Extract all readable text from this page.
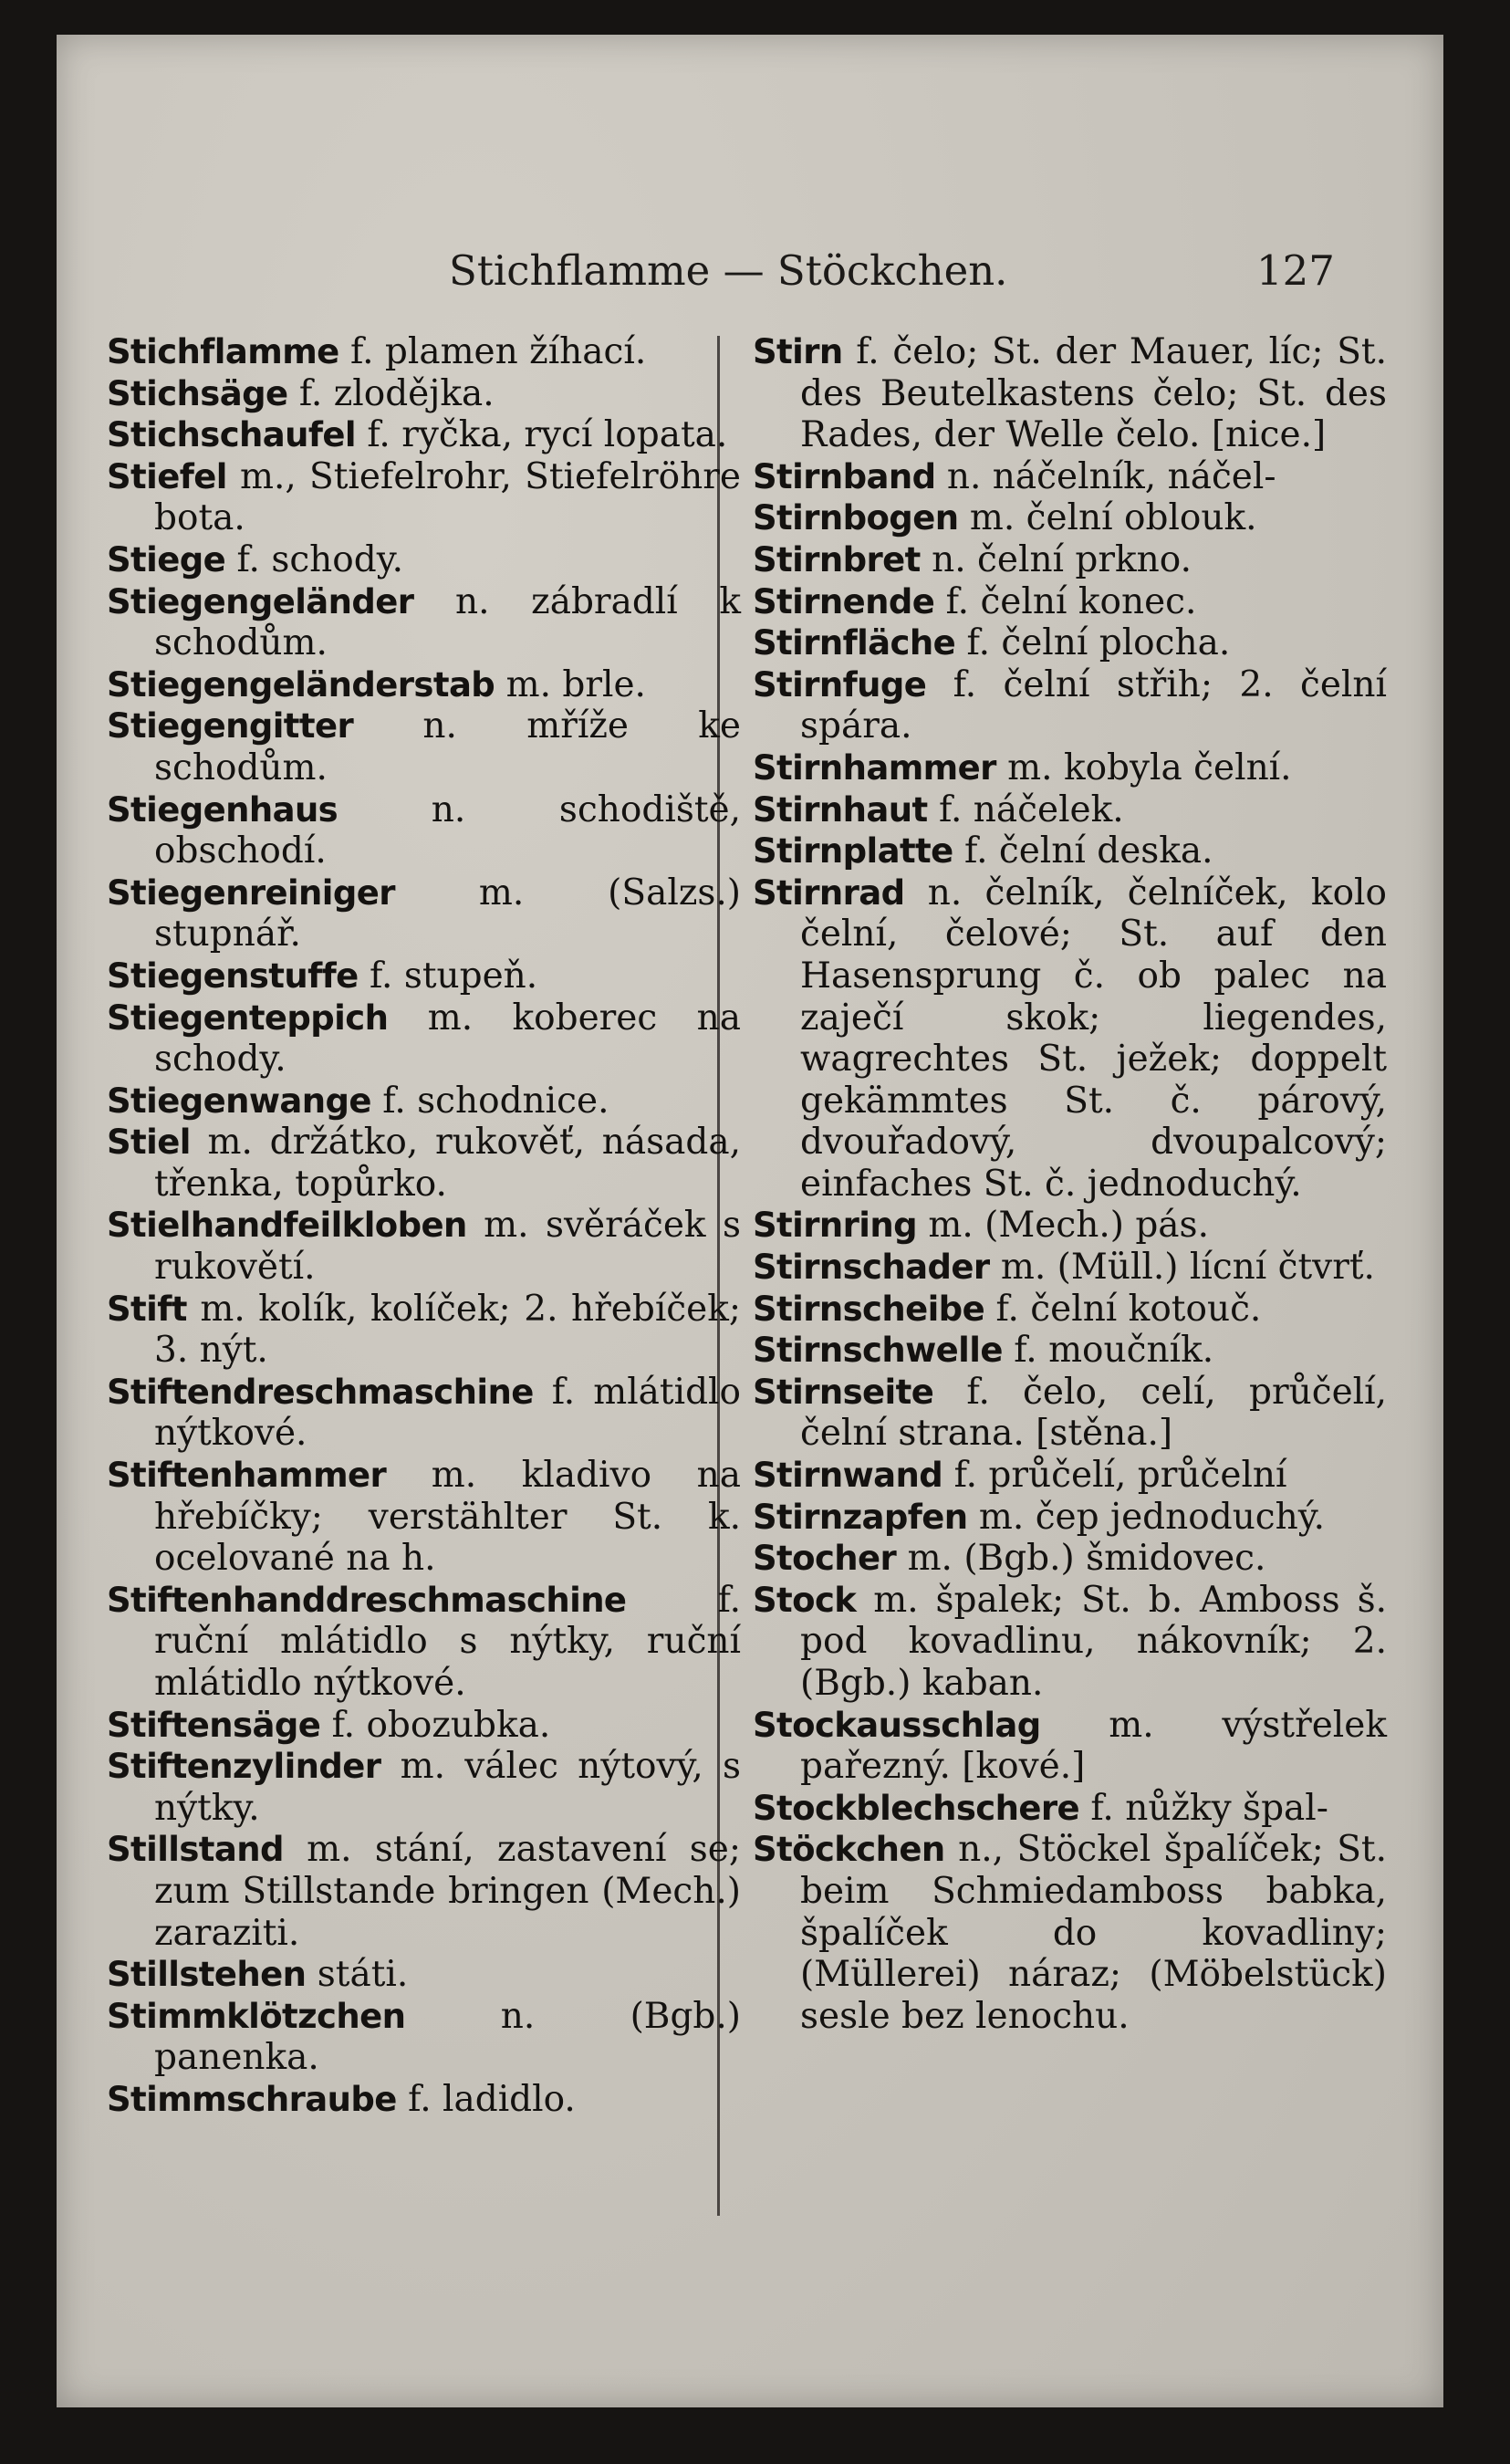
Stichflamme — Stöckchen.	127
Stichflamme f. plamen žíhací.
Stichsäge f. zlodějka.
Stichschaufel f. ryčka, rycí lopata.
Stiefel m., Stiefelrohr, Stiefelröhre bota.
Stiege f. schody.
Stiegengeländer n. zábradlí k schodům.
Stiegengeländerstab m. brle.
Stiegengitter n. mříže ke schodům.
Stiegenhaus n. schodiště, obschodí.
Stiegenreiniger m. (Salzs.) stupnář.
Stiegenstuffe f. stupeň.
Stiegenteppich m. koberec na schody.
Stiegenwange f. schodnice.
Stiel m. držátko, rukověť, násada, třenka, topůrko.
Stielhandfeilkloben m. svěráček s rukovětí.
Stift m. kolík, kolíček; 2. hřebíček; 3. nýt.
Stiftendreschmaschine f. mlátidlo nýtkové.
Stiftenhammer m. kladivo na hřebíčky; verstählter St. k. ocelované na h.
Stiftenhanddreschmaschine f. ruční mlátidlo s nýtky, ruční mlátidlo nýtkové.
Stiftensäge f. obozubka.
Stiftenzylinder m. válec nýtový, s nýtky.
Stillstand m. stání, zastavení se; zum Stillstande bringen (Mech.) zaraziti.
Stillstehen státi.
Stimmklötzchen n. (Bgb.) panenka.
Stimmschraube f. ladidlo.
Stirn f. čelo; St. der Mauer, líc; St. des Beutelkastens čelo; St. des Rades, der Welle čelo. [nice.]
Stirnband n. náčelník, náčel-
Stirnbogen m. čelní oblouk.
Stirnbret n. čelní prkno.
Stirnende f. čelní konec.
Stirnfläche f. čelní plocha.
Stirnfuge f. čelní střih; 2. čelní spára.
Stirnhammer m. kobyla čelní.
Stirnhaut f. náčelek.
Stirnplatte f. čelní deska.
Stirnrad n. čelník, čelníček, kolo čelní, čelové; St. auf den Hasensprung č. ob palec na zaječí skok; liegendes, wagrechtes St. ježek; doppelt gekämmtes St. č. párový, dvouřadový, dvoupalcový; einfaches St. č. jednoduchý.
Stirnring m. (Mech.) pás.
Stirnschader m. (Müll.) lícní čtvrť.
Stirnscheibe f. čelní kotouč.
Stirnschwelle f. moučník.
Stirnseite f. čelo, celí, průčelí, čelní strana. [stěna.]
Stirnwand f. průčelí, průčelní
Stirnzapfen m. čep jednoduchý.
Stocher m. (Bgb.) šmidovec.
Stock m. špalek; St. b. Amboss š. pod kovadlinu, nákovník; 2. (Bgb.) kaban.
Stockausschlag m. výstřelek pařezný. [kové.]
Stockblechschere f. nůžky špal-
Stöckchen n., Stöckel špalíček; St. beim Schmiedamboss babka, špalíček do kovadliny; (Müllerei) náraz; (Möbelstück) sesle bez lenochu.
